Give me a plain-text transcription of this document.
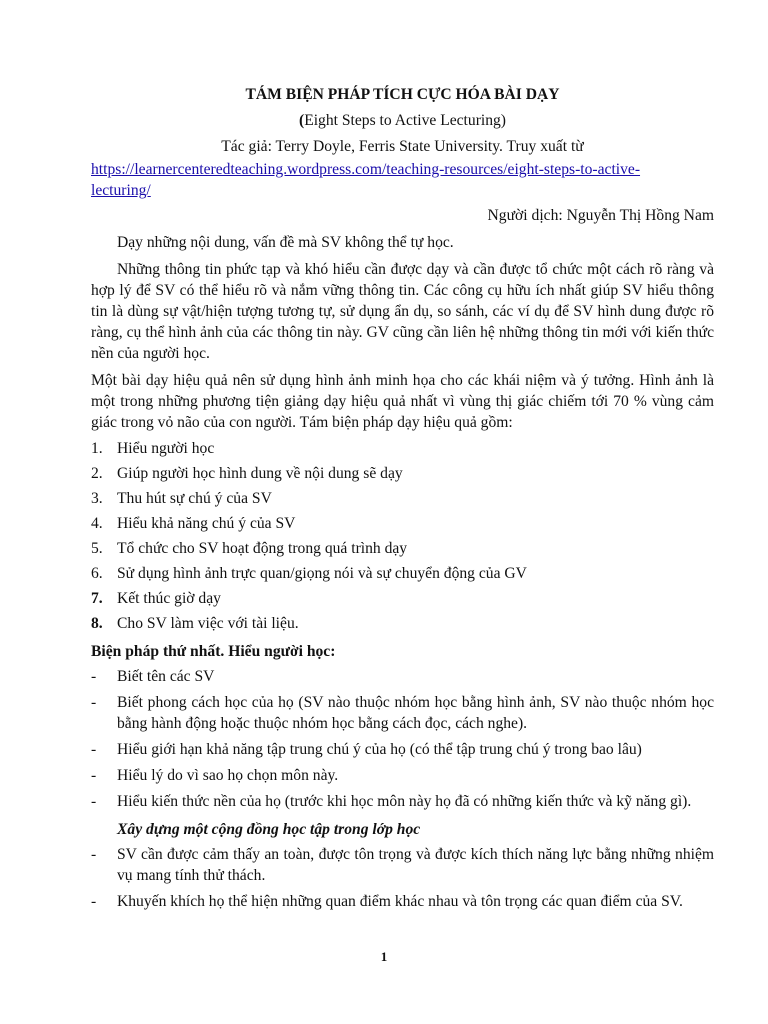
TÁM BIỆN PHÁP TÍCH CỰC HÓA BÀI DẠY
(Eight Steps to Active Lecturing)
Tác giả: Terry Doyle, Ferris State University. Truy xuất từ
https://learnercenteredteaching.wordpress.com/teaching-resources/eight-steps-to-active-
lecturing/
Người dịch: Nguyễn Thị Hồng Nam

Dạy những nội dung, vấn đề mà SV không thể tự học.

Những thông tin phức tạp và khó hiểu cần được dạy và cần được tổ chức một cách rõ ràng và hợp lý để SV có thể hiểu rõ và nắm vững thông tin. Các công cụ hữu ích nhất giúp SV hiểu thông tin là dùng sự vật/hiện tượng tương tự, sử dụng ẩn dụ, so sánh, các ví dụ để SV hình dung được rõ ràng, cụ thể hình ảnh của các thông tin này. GV cũng cần liên hệ những thông tin mới với kiến thức nền của người học.

Một bài dạy hiệu quả nên sử dụng hình ảnh minh họa cho các khái niệm và ý tưởng. Hình ảnh là một trong những phương tiện giảng dạy hiệu quả nhất vì vùng thị giác chiếm tới 70 % vùng cảm giác trong vỏ não của con người. Tám biện pháp dạy hiệu quả gồm:

1. Hiểu người học
2. Giúp người học hình dung về nội dung sẽ dạy
3. Thu hút sự chú ý của SV
4. Hiểu khả năng chú ý của SV
5. Tổ chức cho SV hoạt động trong quá trình dạy
6. Sử dụng hình ảnh trực quan/giọng nói và sự chuyển động của GV
7. Kết thúc giờ dạy
8. Cho SV làm việc với tài liệu.
Biện pháp thứ nhất. Hiểu người học:
-	Biết tên các SV
-	Biết phong cách học của họ (SV nào thuộc nhóm học bằng hình ảnh, SV nào thuộc nhóm học bằng hành động hoặc thuộc nhóm học bằng cách đọc, cách nghe).
-	Hiểu giới hạn khả năng tập trung chú ý của họ (có thể tập trung chú ý trong bao lâu)
-	Hiểu lý do vì sao họ chọn môn này.
-	Hiểu kiến thức nền của họ (trước khi học môn này họ đã có những kiến thức và kỹ năng gì).
Xây dựng một cộng đồng học tập trong lớp học
-	SV cần được cảm thấy an toàn, được tôn trọng và được kích thích năng lực bằng những nhiệm vụ mang tính thử thách.
-	Khuyến khích họ thể hiện những quan điểm khác nhau và tôn trọng các quan điểm của SV.
1
